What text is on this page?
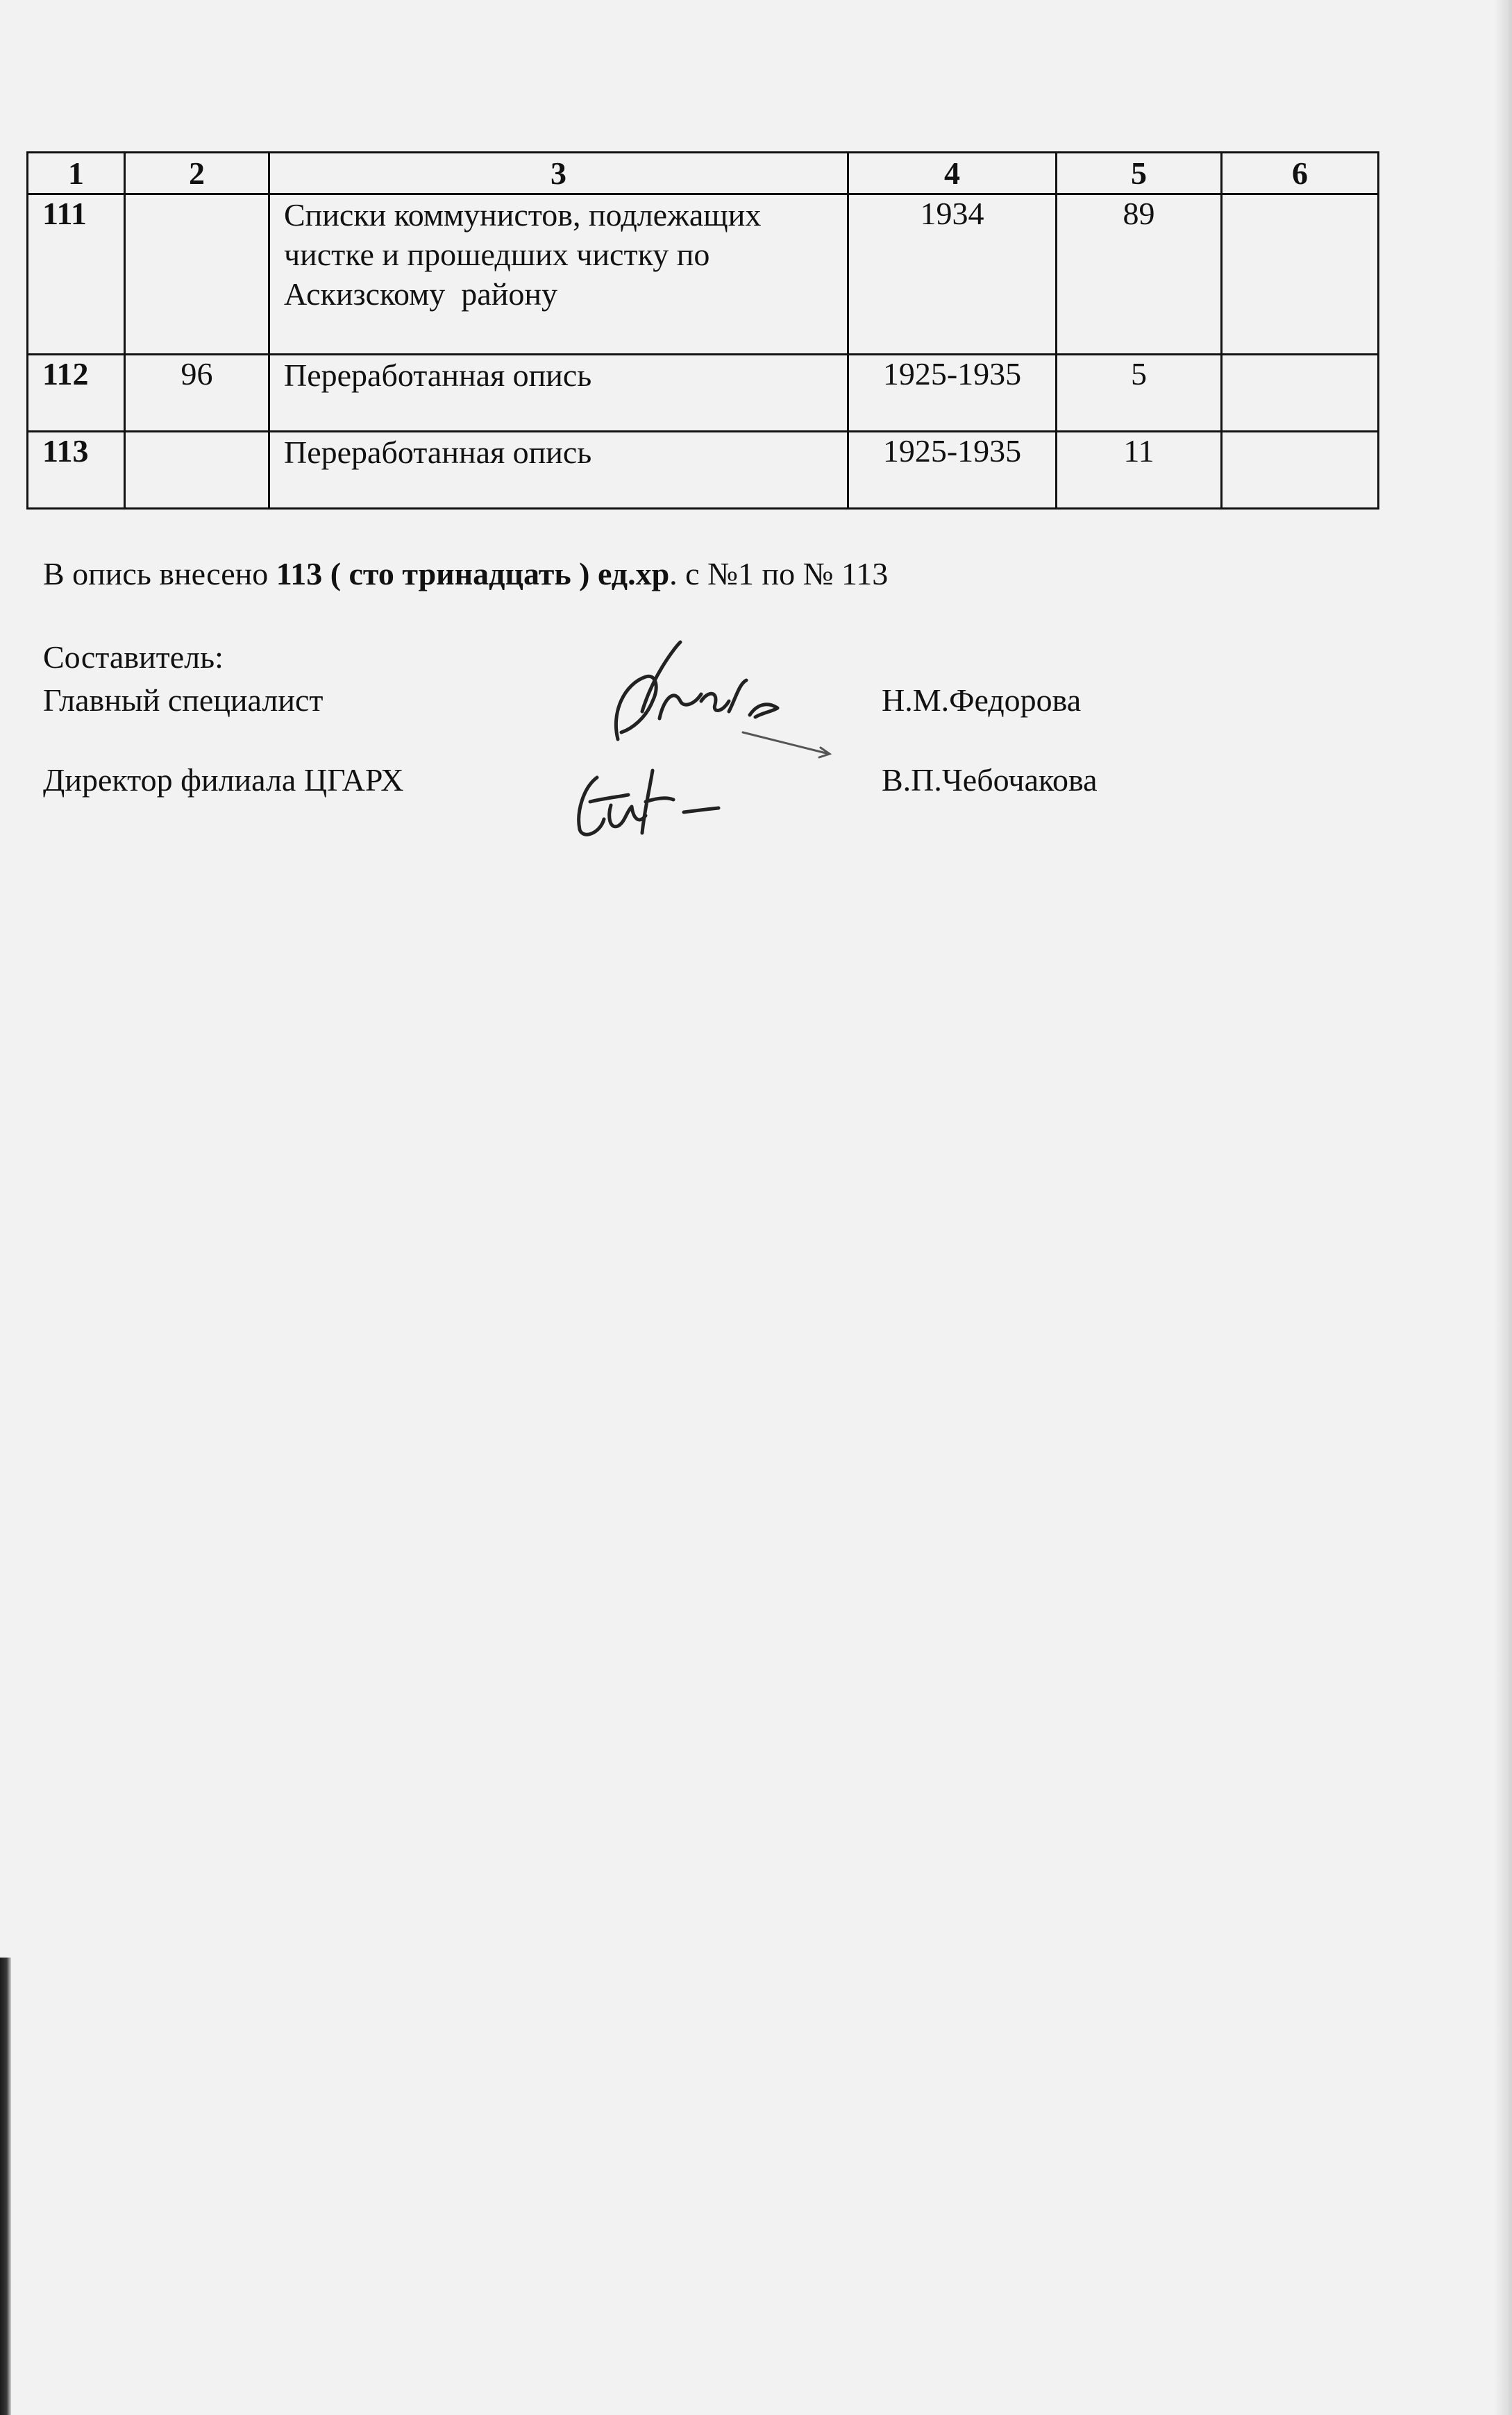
1	2	3	4	5	6
111		Списки коммунистов, подлежащих
чистке и прошедших чистку по
Аскизскому  району	1934	89	
112	96	Переработанная опись	1925-1935	5	
113		Переработанная опись	1925-1935	11	
В опись внесено 113 ( сто тринадцать ) ед.хр. с №1 по № 113
Составитель:
Главный специалист	Н.М.Федорова
Директор филиала ЦГАРХ	В.П.Чебочакова
